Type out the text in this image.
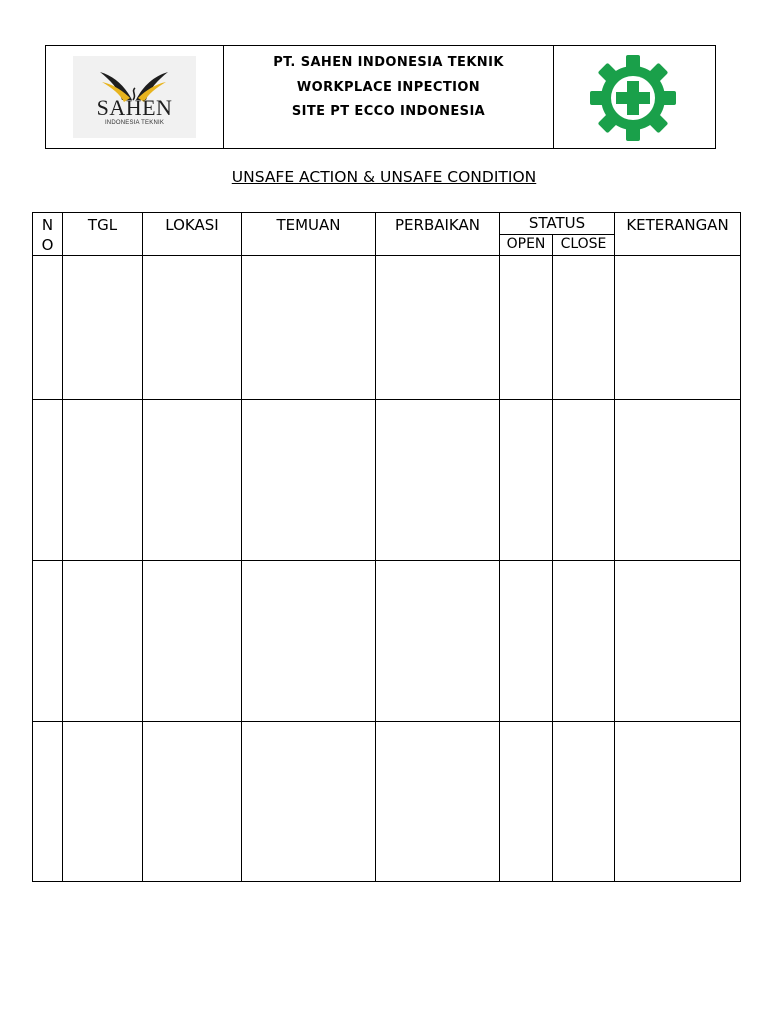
SAHEN
INDONESIA TEKNIK
PT. SAHEN INDONESIA TEKNIK
WORKPLACE INPECTION
SITE PT ECCO INDONESIA
UNSAFE ACTION & UNSAFE CONDITION
NO	TGL	LOKASI	TEMUAN	PERBAIKAN	STATUS		KETERANGAN

					OPEN	CLOSE	
